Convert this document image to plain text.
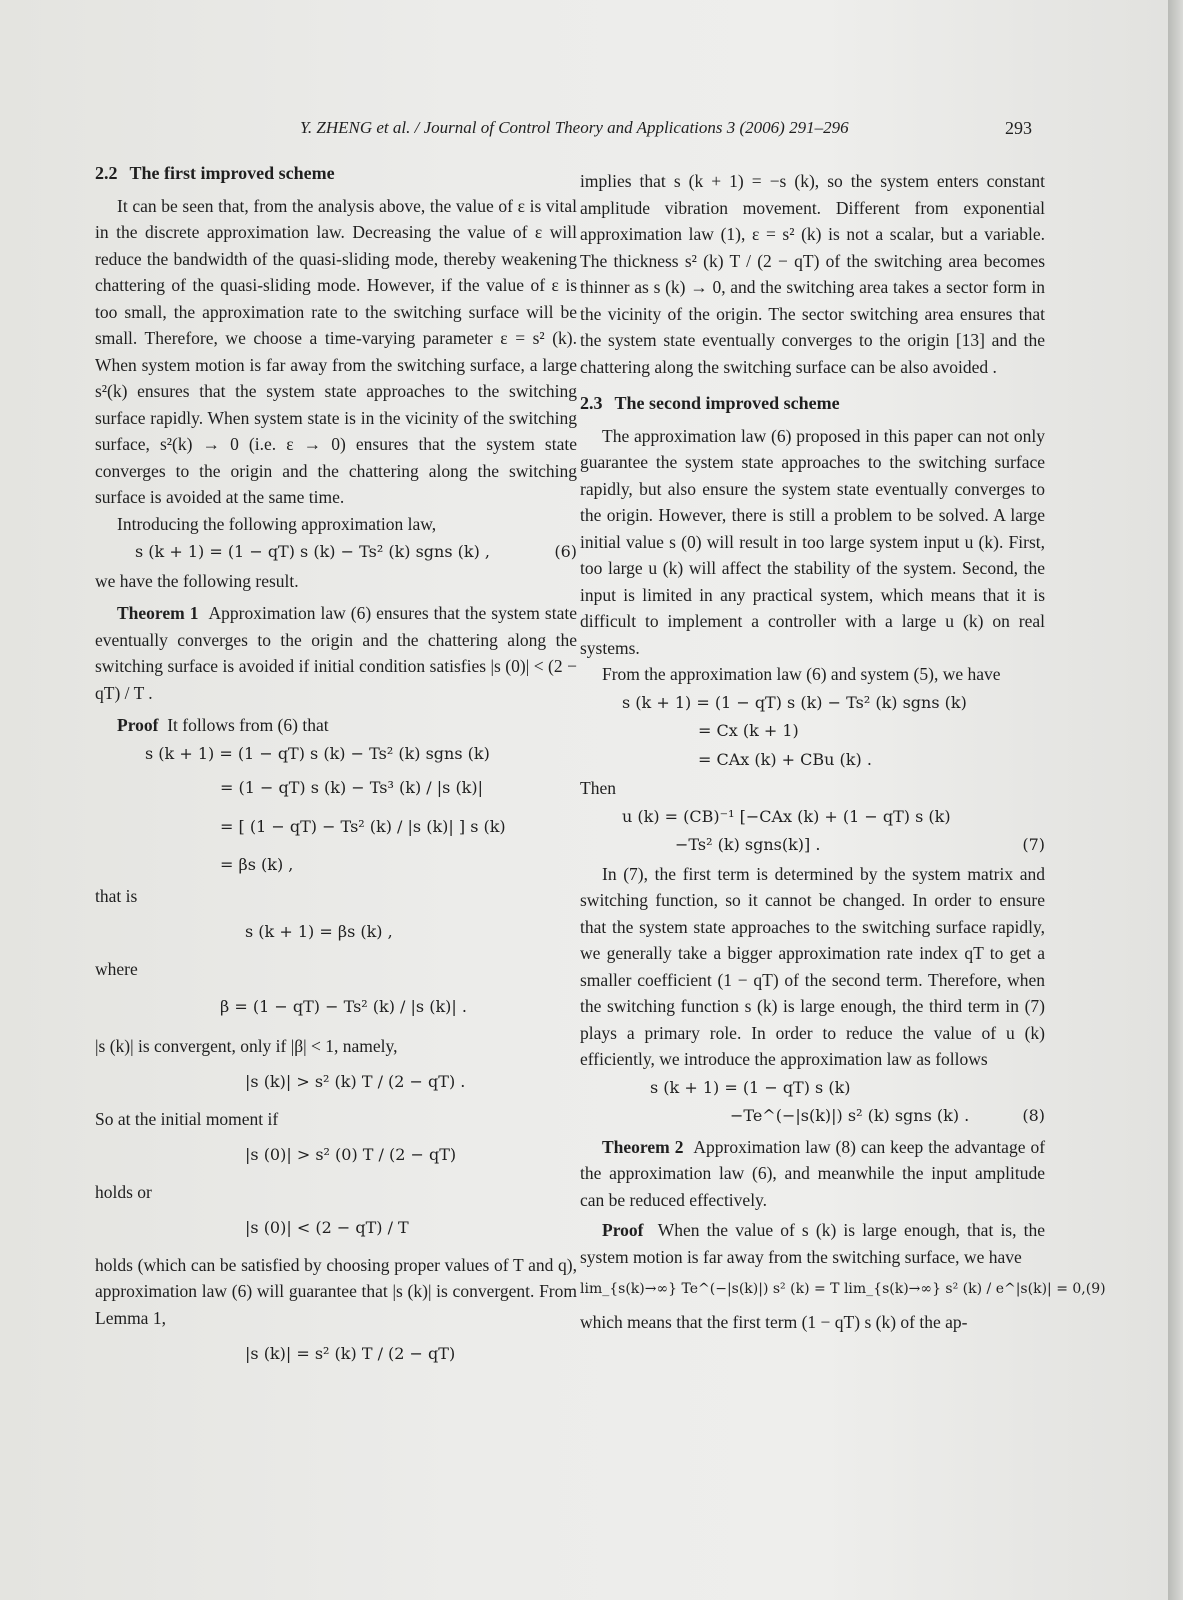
Y. ZHENG et al. / Journal of Control Theory and Applications 3 (2006) 291–296	293
2.2 The first improved scheme

It can be seen that, from the analysis above, the value of ε is vital in the discrete approximation law. Decreasing the value of ε will reduce the bandwidth of the quasi-sliding mode, thereby weakening chattering of the quasi-sliding mode. However, if the value of ε is too small, the approximation rate to the switching surface will be small. Therefore, we choose a time-varying parameter ε = s² (k). When system motion is far away from the switching surface, a large s²(k) ensures that the system state approaches to the switching surface rapidly. When system state is in the vicinity of the switching surface, s²(k) → 0 (i.e. ε → 0) ensures that the system state converges to the origin and the chattering along the switching surface is avoided at the same time.

Introducing the following approximation law,

s (k + 1) = (1 − qT) s (k) − Ts² (k) sgns (k) ,	(6)

we have the following result.

Theorem 1 Approximation law (6) ensures that the system state eventually converges to the origin and the chattering along the switching surface is avoided if initial condition satisfies |s (0)| < (2 − qT) / T .

Proof It follows from (6) that

s (k + 1) = (1 − qT) s (k) − Ts² (k) sgns (k)
= (1 − qT) s (k) − Ts³ (k) / |s (k)|
= [ (1 − qT) − Ts² (k) / |s (k)| ] s (k)
= βs (k) ,

that is

s (k + 1) = βs (k) ,

where

β = (1 − qT) − Ts² (k) / |s (k)| .

|s (k)| is convergent, only if |β| < 1, namely,

|s (k)| > s² (k) T / (2 − qT) .

So at the initial moment if

|s (0)| > s² (0) T / (2 − qT)

holds or

|s (0)| < (2 − qT) / T

holds (which can be satisfied by choosing proper values of T and q), approximation law (6) will guarantee that |s (k)| is convergent. From Lemma 1,

|s (k)| = s² (k) T / (2 − qT)

implies that s (k + 1) = −s (k), so the system enters constant amplitude vibration movement. Different from exponential approximation law (1), ε = s² (k) is not a scalar, but a variable. The thickness s² (k) T / (2 − qT) of the switching area becomes thinner as s (k) → 0, and the switching area takes a sector form in the vicinity of the origin. The sector switching area ensures that the system state eventually converges to the origin [13] and the chattering along the switching surface can be also avoided .

2.3 The second improved scheme

The approximation law (6) proposed in this paper can not only guarantee the system state approaches to the switching surface rapidly, but also ensure the system state eventually converges to the origin. However, there is still a problem to be solved. A large initial value s (0) will result in too large system input u (k). First, too large u (k) will affect the stability of the system. Second, the input is limited in any practical system, which means that it is difficult to implement a controller with a large u (k) on real systems.

From the approximation law (6) and system (5), we have

s (k + 1) = (1 − qT) s (k) − Ts² (k) sgns (k)
= Cx (k + 1)
= CAx (k) + CBu (k) .

Then

u (k) = (CB)⁻¹ [−CAx (k) + (1 − qT) s (k)
−Ts² (k) sgns(k)] .	(7)

In (7), the first term is determined by the system matrix and switching function, so it cannot be changed. In order to ensure that the system state approaches to the switching surface rapidly, we generally take a bigger approximation rate index qT to get a smaller coefficient (1 − qT) of the second term. Therefore, when the switching function s (k) is large enough, the third term in (7) plays a primary role. In order to reduce the value of u (k) efficiently, we introduce the approximation law as follows

s (k + 1) = (1 − qT) s (k)
−Te^(−|s(k)|) s² (k) sgns (k) .	(8)

Theorem 2 Approximation law (8) can keep the advantage of the approximation law (6), and meanwhile the input amplitude can be reduced effectively.

Proof When the value of s (k) is large enough, that is, the system motion is far away from the switching surface, we have

lim_{s(k)→∞} Te^(−|s(k)|) s² (k) = T lim_{s(k)→∞} s² (k) / e^|s(k)| = 0, (9)

which means that the first term (1 − qT) s (k) of the ap-
